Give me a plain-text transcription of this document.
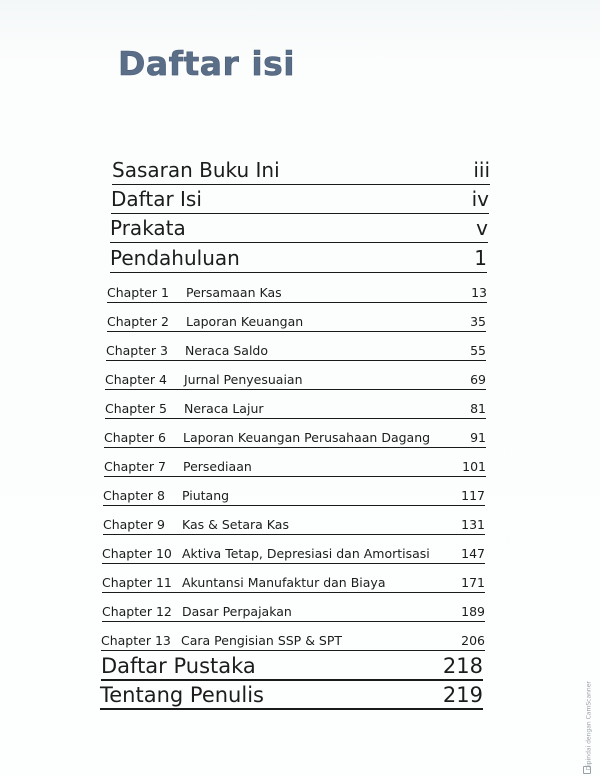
Daftar isi
Sasaran Buku Ini	iii
Daftar Isi	iv
Prakata	v
Pendahuluan	1
Chapter 1	Persamaan Kas	13
Chapter 2	Laporan Keuangan	35
Chapter 3	Neraca Saldo	55
Chapter 4	Jurnal Penyesuaian	69
Chapter 5	Neraca Lajur	81
Chapter 6	Laporan Keuangan Perusahaan Dagang	91
Chapter 7	Persediaan	101
Chapter 8	Piutang	117
Chapter 9	Kas & Setara Kas	131
Chapter 10 Aktiva Tetap, Depresiasi dan Amortisasi	147
Chapter 11 Akuntansi Manufaktur dan Biaya	171
Chapter 12 Dasar Perpajakan	189
Chapter 13 Cara Pengisian SSP & SPT	206
Daftar Pustaka	218
Tentang Penulis	219	Dipindai dengan CamScanner
